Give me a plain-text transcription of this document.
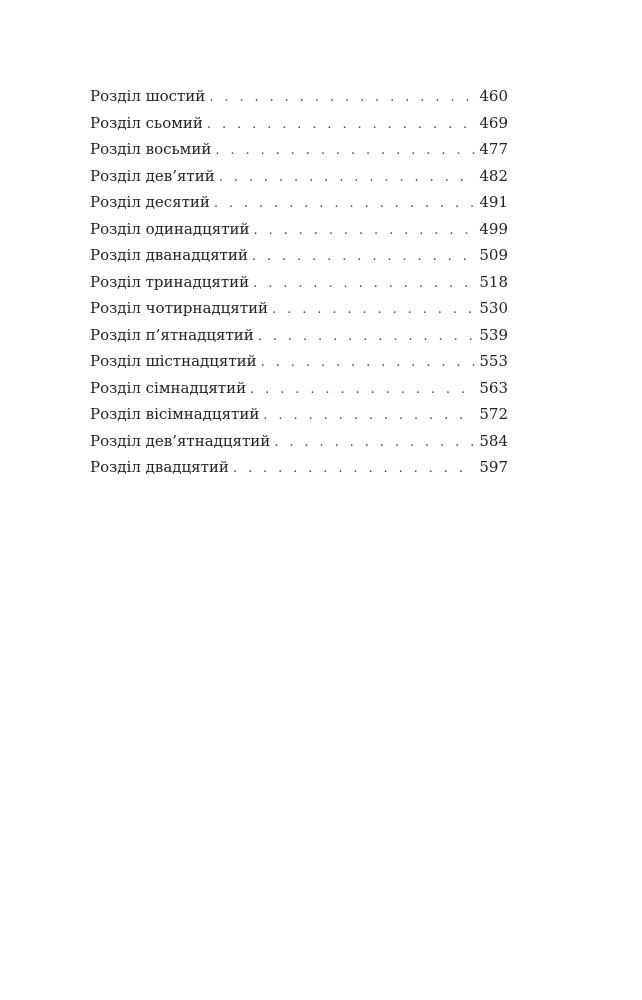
Розділ шостий . . .	460
Розділ сьомий . . .	469
Розділ восьмий . . .	477
Розділ дев’ятий . . .	482
Розділ десятий . . .	491
Розділ одинадцятий . . .	499
Розділ дванадцятий . . .	509
Розділ тринадцятий . . .	518
Розділ чотирнадцятий . . .	530
Розділ п’ятнадцятий . . .	539
Розділ шістнадцятий . . .	553
Розділ сімнадцятий . . .	563
Розділ вісімнадцятий . . .	572
Розділ дев’ятнадцятий . . .	584
Розділ двадцятий . . .	597
